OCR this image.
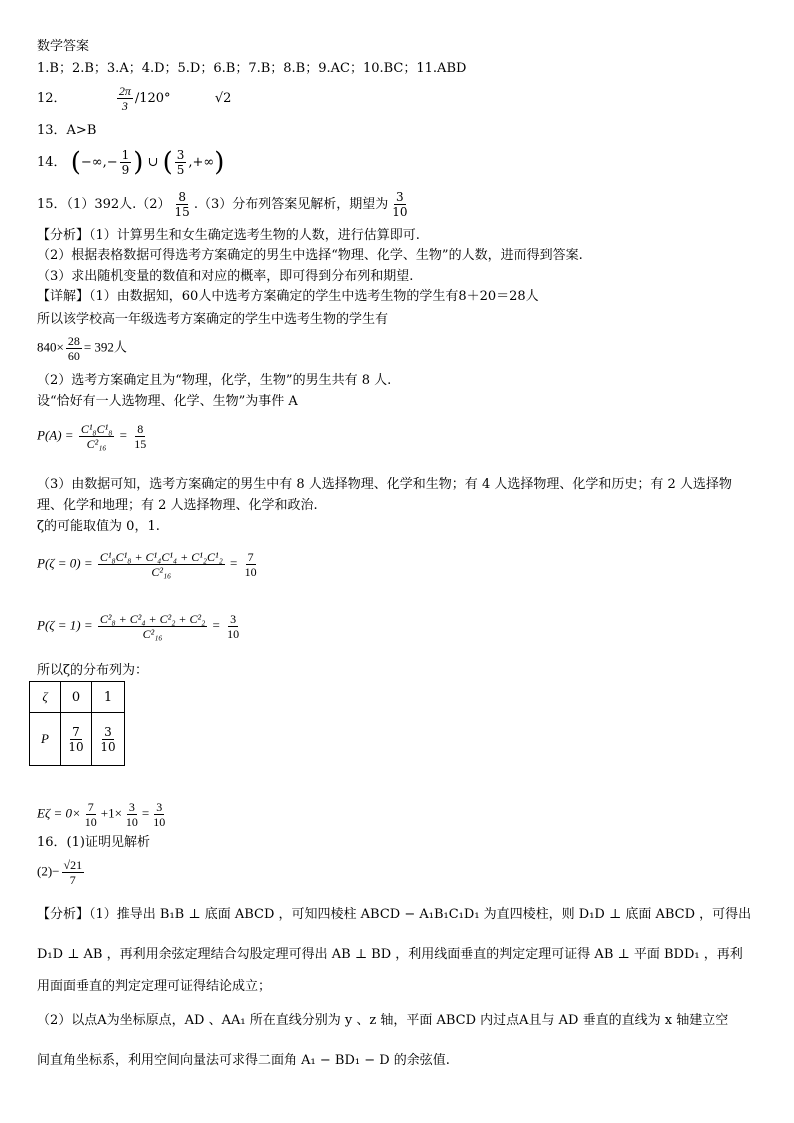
数学答案
1.B；2.B；3.A；4.D；5.D；6.B；7.B；8.B；9.AC；10.BC；11.ABD
12．	$\frac{2\pi}{3} /120^\circ$	√2
13．A>B
14． (−∞,− $\frac{1}{9}$ ) ∪ ( $\frac{3}{5}$ ,+∞)
15．（1）392人$.(2) \frac{8}{15} .(3)$分布列答案见解析，期望为 $\frac{3}{10}$
【分析】（1）计算男生和女生确定选考生物的人数，进行估算即可.
（2）根据表格数据可得选考方案确定的男生中选择“物理、化学、生物”的人数，进而得到答案.
（3）求出随机变量的数值和对应的概率，即可得到分布列和期望.
【详解】（1）由数据知，60人中选考方案确定的学生中选考生物的学生有8＋20＝28人
所以该学校高一年级选考方案确定的学生中选考生物的学生有
$840\times \frac{28}{60} = 392$人
（2）选考方案确定且为“物理，化学，生物”的男生共有 8 人.
设“恰好有一人选物理、化学、生物”为事件 A
$P(A) = \frac{\text{C¹₈C¹₈}}{\text{C²₁₆}} = \frac{8}{15}$
（3）由数据可知，选考方案确定的男生中有 8 人选择物理、化学和生物；有 4 人选择物理、化学和历史；有 2 人选择物
理、化学和地理；有 2 人选择物理、化学和政治.
ζ的可能取值为 0，1.
$P(\zeta = 0) = \frac{\text{C¹₈C¹₈ + C¹₄C¹₄ + C¹₂C¹₂}}{\text{C²₁₆}} = \frac{7}{10}$
$P(\zeta = 1) = \frac{\text{C²₈ + C²₄ + C²₂ + C²₂}}{\text{C²₁₆}} = \frac{3}{10}$
所以ζ的分布列为：
ζ	0	1
P	$\frac{7}{10}$	$\frac{3}{10}$
$E\zeta = 0\times \frac{7}{10} +1\times \frac{3}{10} = \frac{3}{10}$
16．(1)证明见解析
$(2)- \frac{√21}{7}$
【分析】（1）推导出 B₁B ⊥ 底面 ABCD ，可知四棱柱 ABCD − A₁B₁C₁D₁ 为直四棱柱，则 D₁D ⊥ 底面 ABCD ，可得出
D₁D ⊥ AB ，再利用余弦定理结合勾股定理可得出 AB ⊥ BD ，利用线面垂直的判定定理可证得 AB ⊥ 平面 BDD₁ ，再利
用面面垂直的判定定理可证得结论成立；
（2）以点A为坐标原点，AD 、AA₁ 所在直线分别为 y 、z 轴，平面 ABCD 内过点A且与 AD 垂直的直线为 x 轴建立空
间直角坐标系，利用空间向量法可求得二面角 A₁ − BD₁ − D 的余弦值.
